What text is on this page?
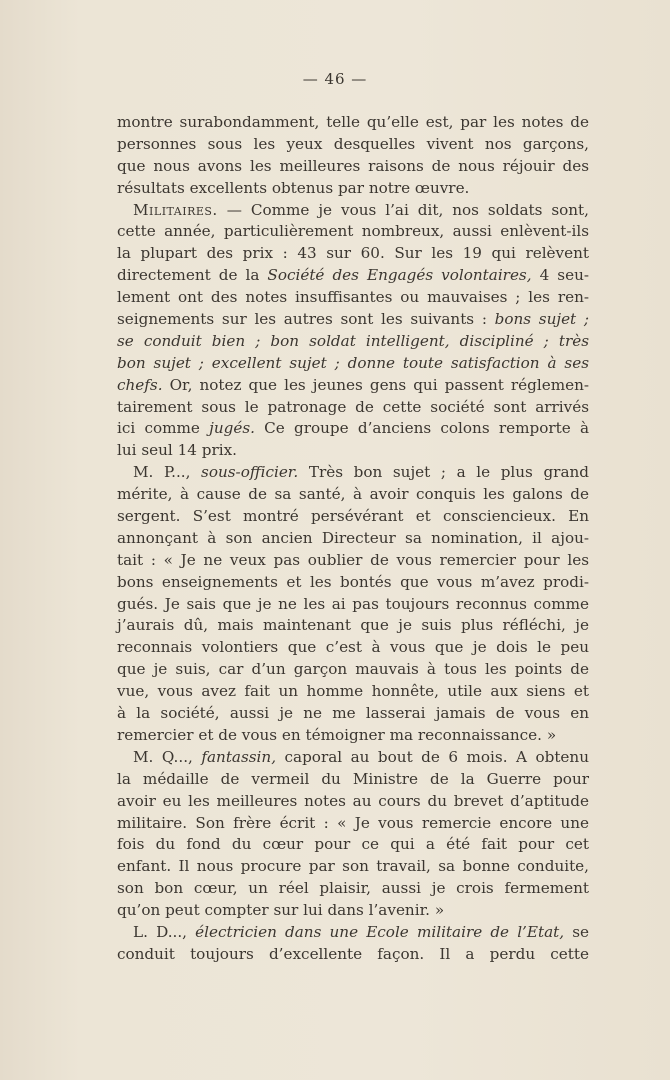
— 46 —
montre surabondamment, telle qu’elle est, par les notes de
personnes sous les yeux desquelles vivent nos garçons,
que nous avons les meilleures raisons de nous réjouir des
résultats excellents obtenus par notre œuvre.
Militaires. — Comme je vous l’ai dit, nos soldats sont,
cette année, particulièrement nombreux, aussi enlèvent-ils
la plupart des prix : 43 sur 60. Sur les 19 qui relèvent
directement de la Société des Engagés volontaires, 4 seu-
lement ont des notes insuffisantes ou mauvaises ; les ren-
seignements sur les autres sont les suivants : bons sujet ;
se conduit bien ; bon soldat intelligent, discipliné ; très
bon sujet ; excellent sujet ; donne toute satisfaction à ses
chefs. Or, notez que les jeunes gens qui passent réglemen-
tairement sous le patronage de cette société sont arrivés
ici comme jugés. Ce groupe d’anciens colons remporte à
lui seul 14 prix.
M. P..., sous-officier. Très bon sujet ; a le plus grand
mérite, à cause de sa santé, à avoir conquis les galons de
sergent. S’est montré persévérant et consciencieux. En
annonçant à son ancien Directeur sa nomination, il ajou-
tait : « Je ne veux pas oublier de vous remercier pour les
bons enseignements et les bontés que vous m’avez prodi-
gués. Je sais que je ne les ai pas toujours reconnus comme
j’aurais dû, mais maintenant que je suis plus réfléchi, je
reconnais volontiers que c’est à vous que je dois le peu
que je suis, car d’un garçon mauvais à tous les points de
vue, vous avez fait un homme honnête, utile aux siens et
à la société, aussi je ne me lasserai jamais de vous en
remercier et de vous en témoigner ma reconnaissance. »
M. Q..., fantassin, caporal au bout de 6 mois. A obtenu
la médaille de vermeil du Ministre de la Guerre pour
avoir eu les meilleures notes au cours du brevet d’aptitude
militaire. Son frère écrit : « Je vous remercie encore une
fois du fond du cœur pour ce qui a été fait pour cet
enfant. Il nous procure par son travail, sa bonne conduite,
son bon cœur, un réel plaisir, aussi je crois fermement
qu’on peut compter sur lui dans l’avenir. »
L. D..., électricien dans une Ecole militaire de l’Etat, se
conduit toujours d’excellente façon. Il a perdu cette
